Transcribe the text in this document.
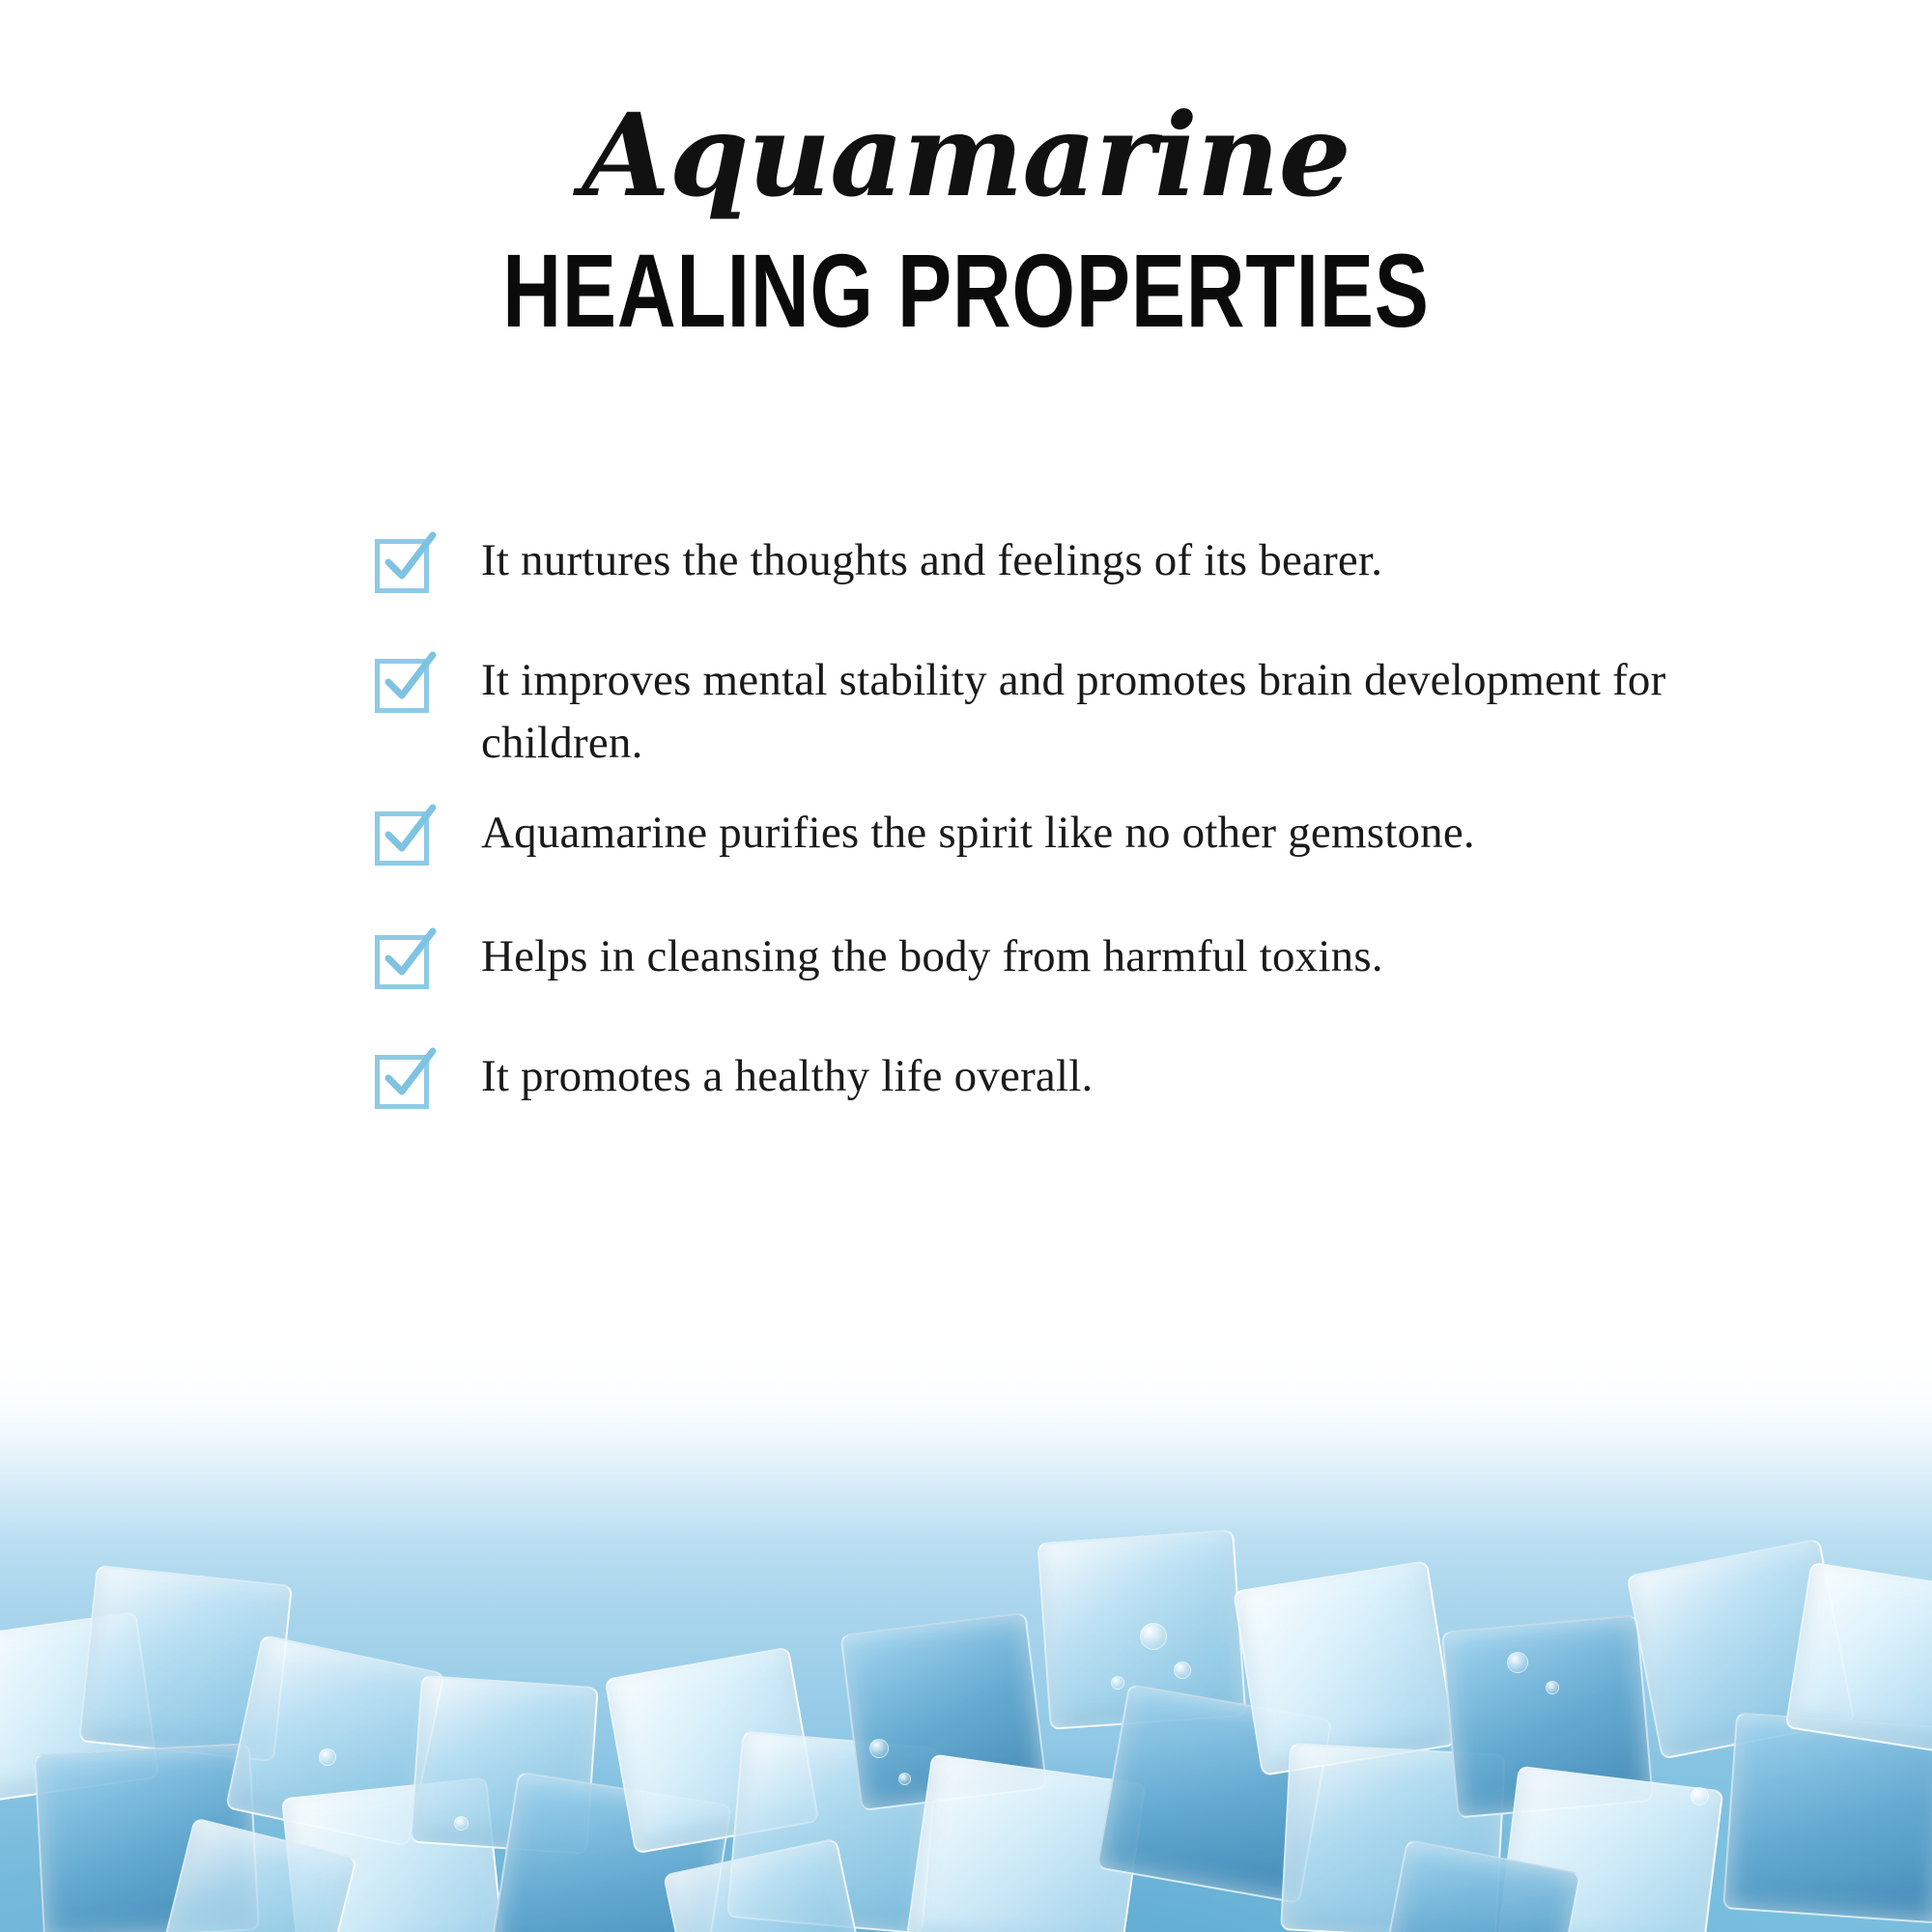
Aquamarine
HEALING PROPERTIES
It nurtures the thoughts and feelings of its bearer.
It improves mental stability and promotes brain development for children.
Aquamarine purifies the spirit like no other gemstone.
Helps in cleansing the body from harmful toxins.
It promotes a healthy life overall.
